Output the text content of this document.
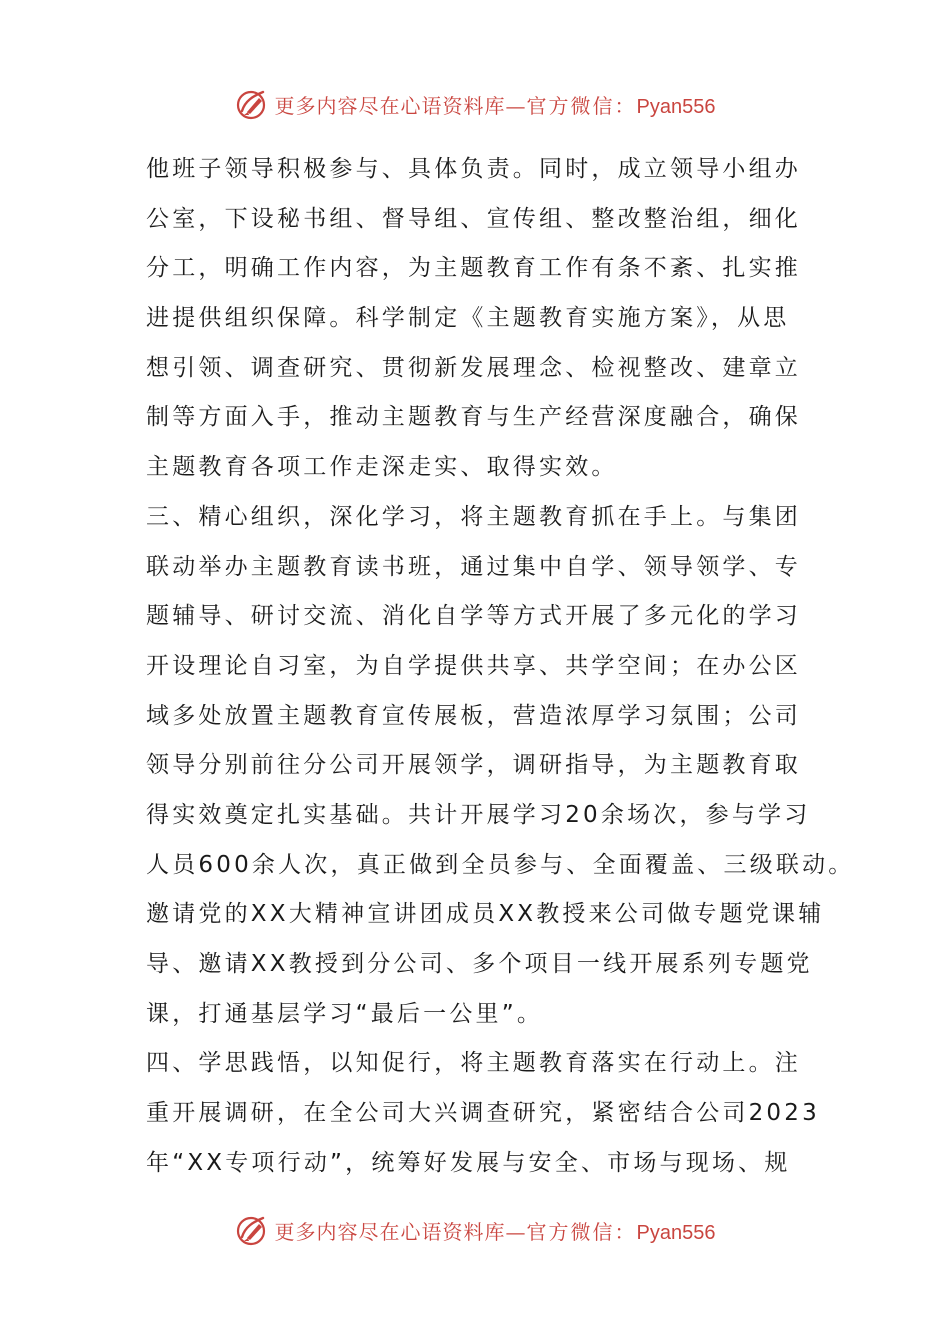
更多内容尽在心语资料库—官方微信：Pyan556
他班子领导积极参与、具体负责。同时，成立领导小组办
公室，下设秘书组、督导组、宣传组、整改整治组，细化
分工，明确工作内容，为主题教育工作有条不紊、扎实推
进提供组织保障。科学制定《主题教育实施方案》，从思
想引领、调查研究、贯彻新发展理念、检视整改、建章立
制等方面入手，推动主题教育与生产经营深度融合，确保
主题教育各项工作走深走实、取得实效。
三、精心组织，深化学习，将主题教育抓在手上。与集团
联动举办主题教育读书班，通过集中自学、领导领学、专
题辅导、研讨交流、消化自学等方式开展了多元化的学习
开设理论自习室，为自学提供共享、共学空间；在办公区
域多处放置主题教育宣传展板，营造浓厚学习氛围；公司
领导分别前往分公司开展领学，调研指导，为主题教育取
得实效奠定扎实基础。共计开展学习20余场次，参与学习
人员600余人次，真正做到全员参与、全面覆盖、三级联动。
邀请党的XX大精神宣讲团成员XX教授来公司做专题党课辅
导、邀请XX教授到分公司、多个项目一线开展系列专题党
课，打通基层学习“最后一公里”。
四、学思践悟，以知促行，将主题教育落实在行动上。注
重开展调研，在全公司大兴调查研究，紧密结合公司2023
年“XX专项行动”，统筹好发展与安全、市场与现场、规
更多内容尽在心语资料库—官方微信：Pyan556
